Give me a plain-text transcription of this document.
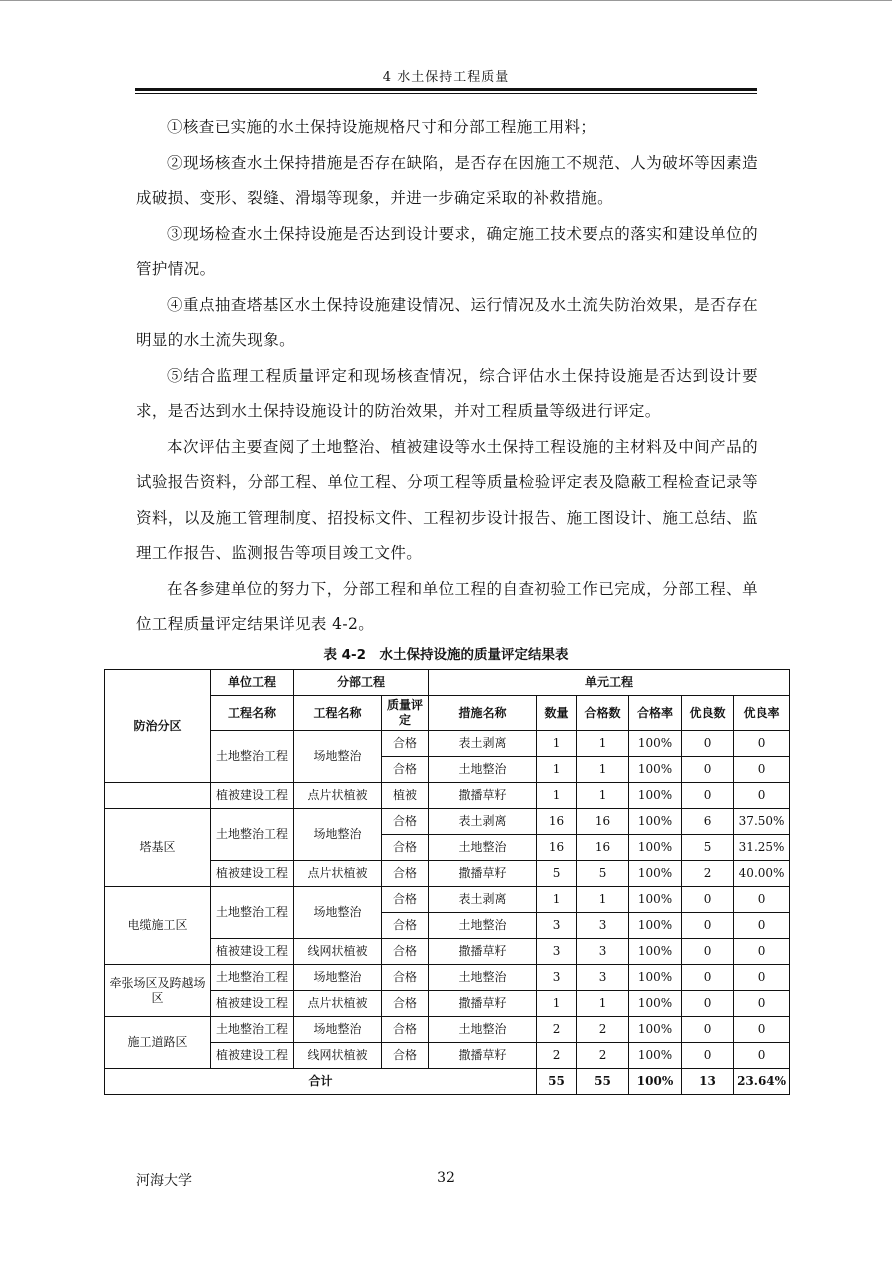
4 水土保持工程质量

①核查已实施的水土保持设施规格尺寸和分部工程施工用料；

②现场核查水土保持措施是否存在缺陷，是否存在因施工不规范、人为破坏等因素造成破损、变形、裂缝、滑塌等现象，并进一步确定采取的补救措施。

③现场检查水土保持设施是否达到设计要求，确定施工技术要点的落实和建设单位的管护情况。

④重点抽查塔基区水土保持设施建设情况、运行情况及水土流失防治效果，是否存在明显的水土流失现象。

⑤结合监理工程质量评定和现场核查情况，综合评估水土保持设施是否达到设计要求，是否达到水土保持设施设计的防治效果，并对工程质量等级进行评定。

本次评估主要查阅了土地整治、植被建设等水土保持工程设施的主材料及中间产品的试验报告资料，分部工程、单位工程、分项工程等质量检验评定表及隐蔽工程检查记录等资料，以及施工管理制度、招投标文件、工程初步设计报告、施工图设计、施工总结、监理工作报告、监测报告等项目竣工文件。

在各参建单位的努力下，分部工程和单位工程的自查初验工作已完成，分部工程、单位工程质量评定结果详见表 4-2。

表 4-2　水土保持设施的质量评定结果表
防治分区	单位工程	分部工程		单元工程					
	工程名称	工程名称	质量评定	措施名称	数量	合格数	合格率	优良数	优良率
	土地整治工程	场地整治	合格	表土剥离	1	1	100%	0	0
			合格	土地整治	1	1	100%	0	0
	植被建设工程	点片状植被	植被	撒播草籽	1	1	100%	0	0
塔基区	土地整治工程	场地整治	合格	表土剥离	16	16	100%	6	37.50%
			合格	土地整治	16	16	100%	5	31.25%
	植被建设工程	点片状植被	合格	撒播草籽	5	5	100%	2	40.00%
电缆施工区	土地整治工程	场地整治	合格	表土剥离	1	1	100%	0	0
			合格	土地整治	3	3	100%	0	0
	植被建设工程	线网状植被	合格	撒播草籽	3	3	100%	0	0
牵张场区及跨越场区	土地整治工程	场地整治	合格	土地整治	3	3	100%	0	0
	植被建设工程	点片状植被	合格	撒播草籽	1	1	100%	0	0
施工道路区	土地整治工程	场地整治	合格	土地整治	2	2	100%	0	0
	植被建设工程	线网状植被	合格	撒播草籽	2	2	100%	0	0
合计					55	55	100%	13	23.64%
河海大学	32
